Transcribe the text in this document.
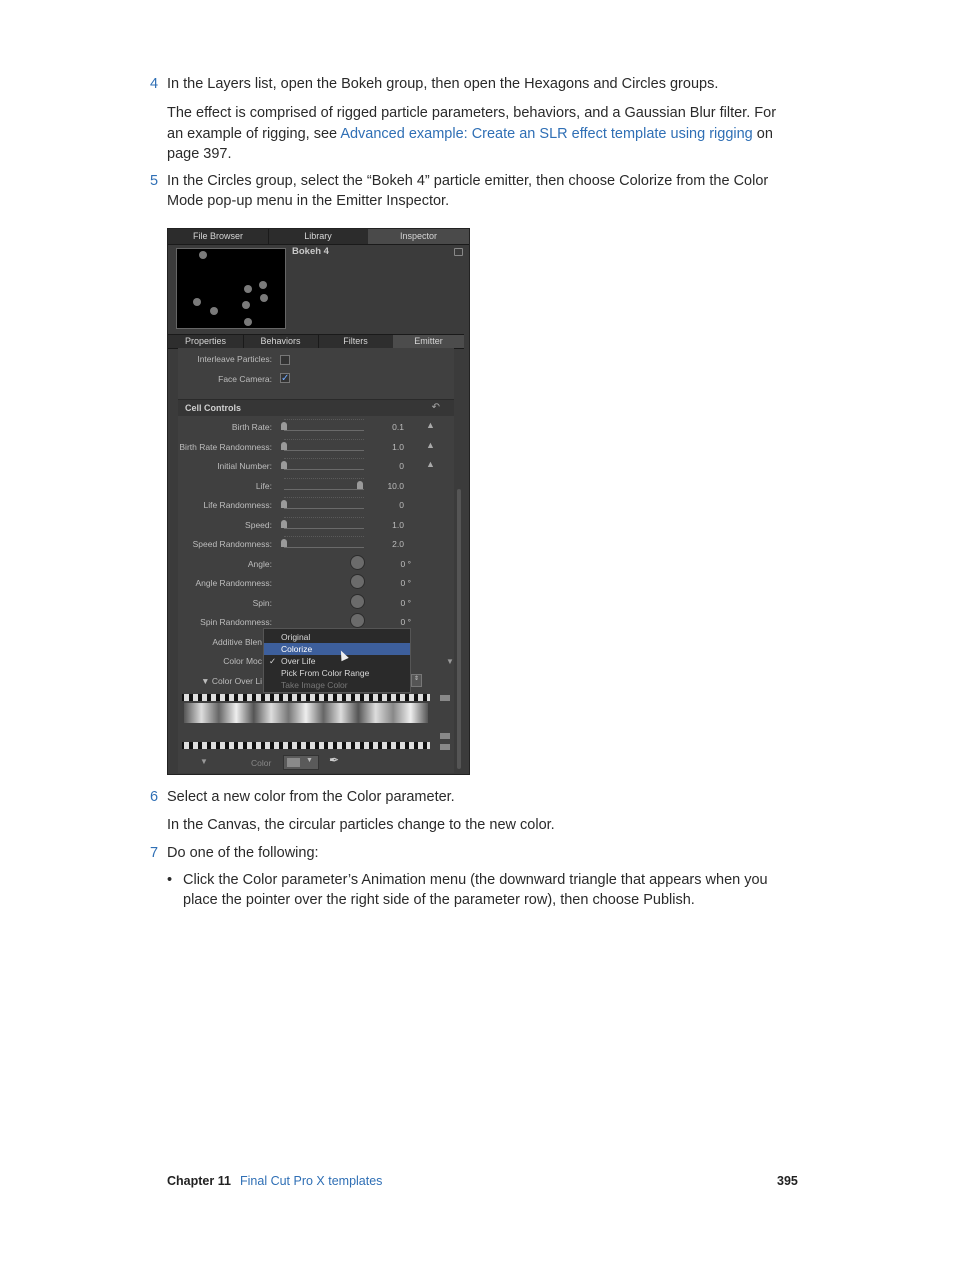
4 In the Layers list, open the Bokeh group, then open the Hexagons and Circles groups.
The effect is comprised of rigged particle parameters, behaviors, and a Gaussian Blur filter. For an example of rigging, see Advanced example: Create an SLR effect template using rigging on page 397.
5 In the Circles group, select the “Bokeh 4” particle emitter, then choose Colorize from the Color Mode pop-up menu in the Emitter Inspector.
File Browser	Library	Inspector
Bokeh 4
Properties	Behaviors	Filters	Emitter
Interleave Particles:
Face Camera: ✓
Cell Controls	↶
Birth Rate:	0.1 ▲
Birth Rate Randomness:	1.0 ▲
Initial Number:	0 ▲
Life:	10.0
Life Randomness:	0
Speed:	1.0
Speed Randomness:	2.0
Angle:	0 °
Angle Randomness:	0 °
Spin:	0 °
Spin Randomness:	0 °
Additive Blen
Color Moc	▼
▼ Color Over Li	⇕
Original
Colorize
✓ Over Life
Pick From Color Range
Take Image Color
▼	Color	▼ ✒
6 Select a new color from the Color parameter.
In the Canvas, the circular particles change to the new color.
7 Do one of the following:
• Click the Color parameter’s Animation menu (the downward triangle that appears when you place the pointer over the right side of the parameter row), then choose Publish.
Chapter 11 Final Cut Pro X templates	395
